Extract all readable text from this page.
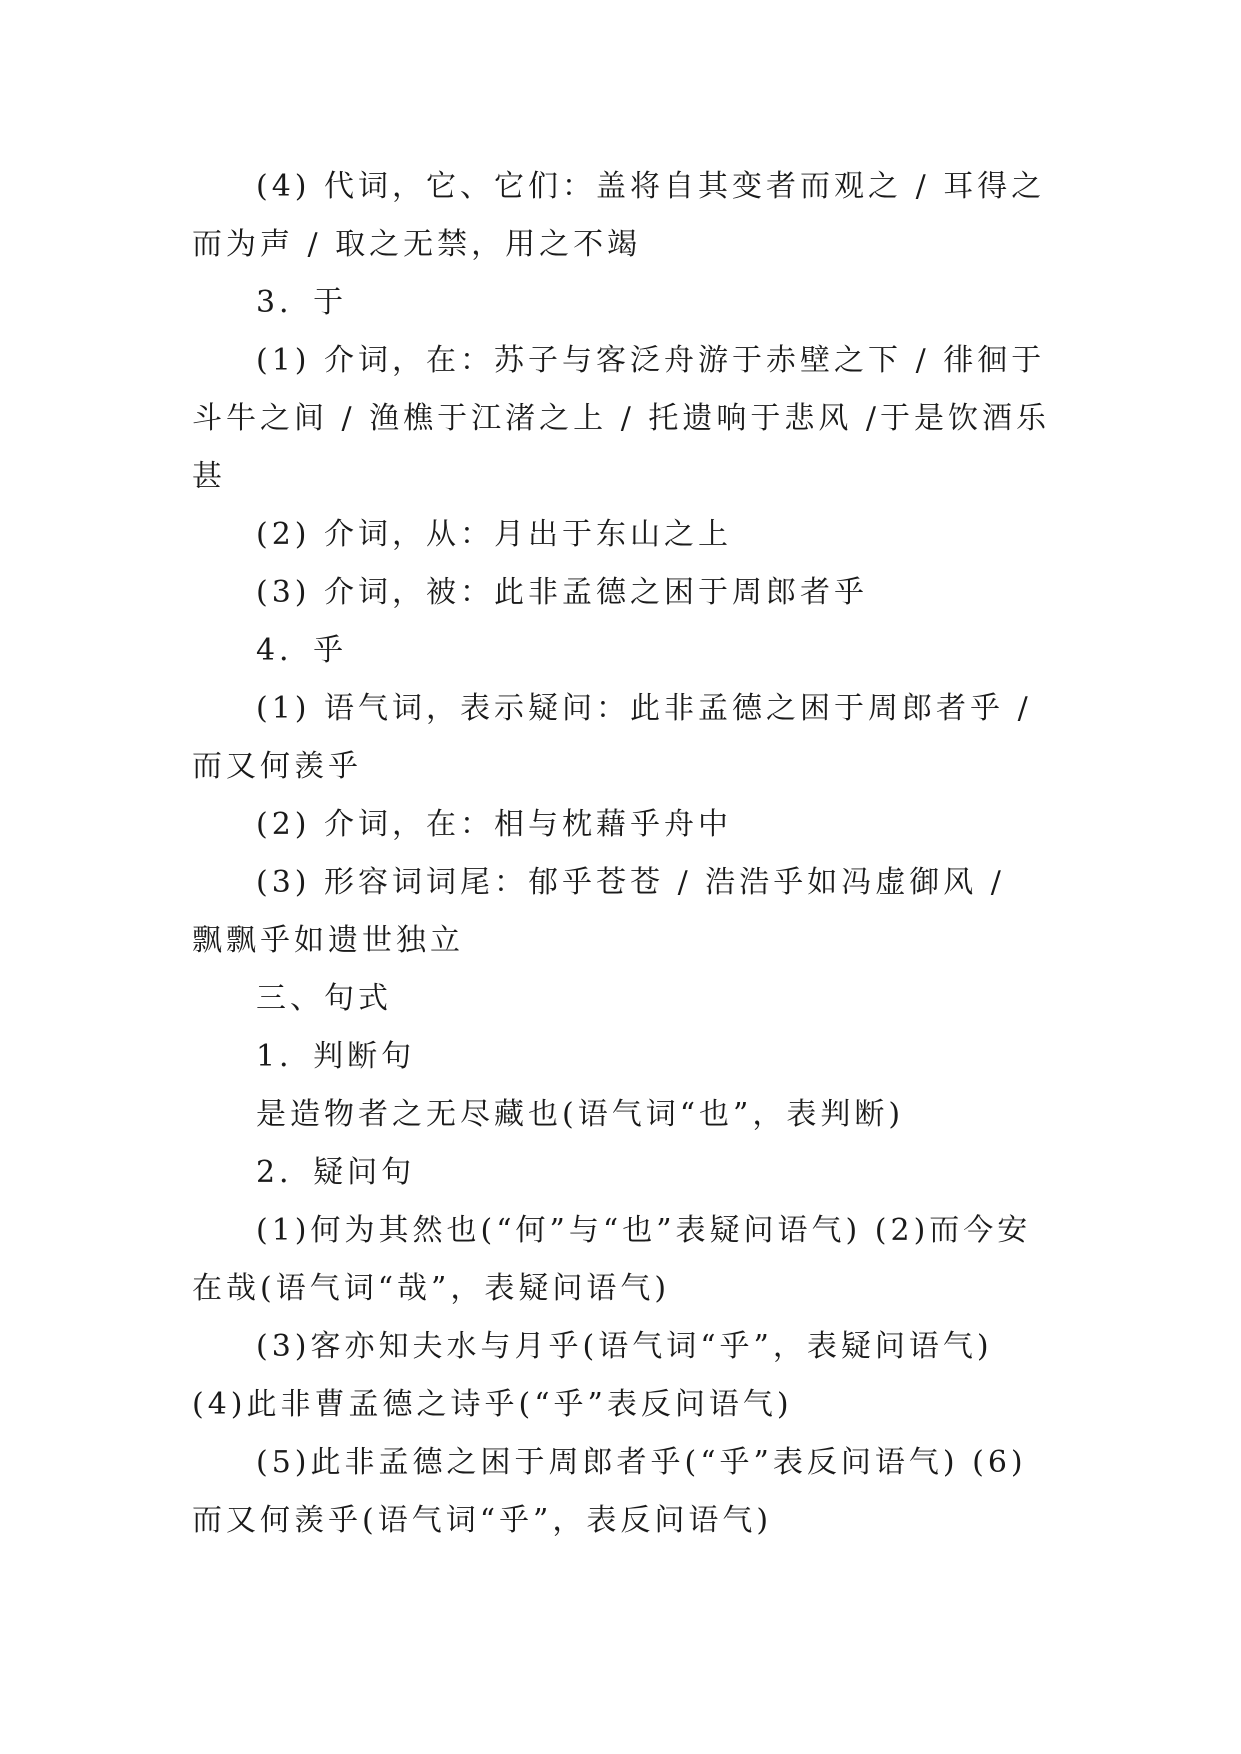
(4) 代词，它、它们：盖将自其变者而观之 / 耳得之而为声 / 取之无禁，用之不竭

3．于

(1) 介词，在：苏子与客泛舟游于赤壁之下 / 徘徊于斗牛之间 / 渔樵于江渚之上 / 托遗响于悲风 /于是饮酒乐甚

(2) 介词，从：月出于东山之上

(3) 介词，被：此非孟德之困于周郎者乎

4．乎

(1) 语气词，表示疑问：此非孟德之困于周郎者乎 / 而又何羡乎

(2) 介词，在：相与枕藉乎舟中

(3) 形容词词尾：郁乎苍苍 / 浩浩乎如冯虚御风 / 飘飘乎如遗世独立

三、句式

1．判断句

是造物者之无尽藏也(语气词“也”，表判断)

2．疑问句

(1)何为其然也(“何”与“也”表疑问语气) (2)而今安在哉(语气词“哉”，表疑问语气)

(3)客亦知夫水与月乎(语气词“乎”，表疑问语气) (4)此非曹孟德之诗乎(“乎”表反问语气)

(5)此非孟德之困于周郎者乎(“乎”表反问语气) (6)而又何羡乎(语气词“乎”，表反问语气)
